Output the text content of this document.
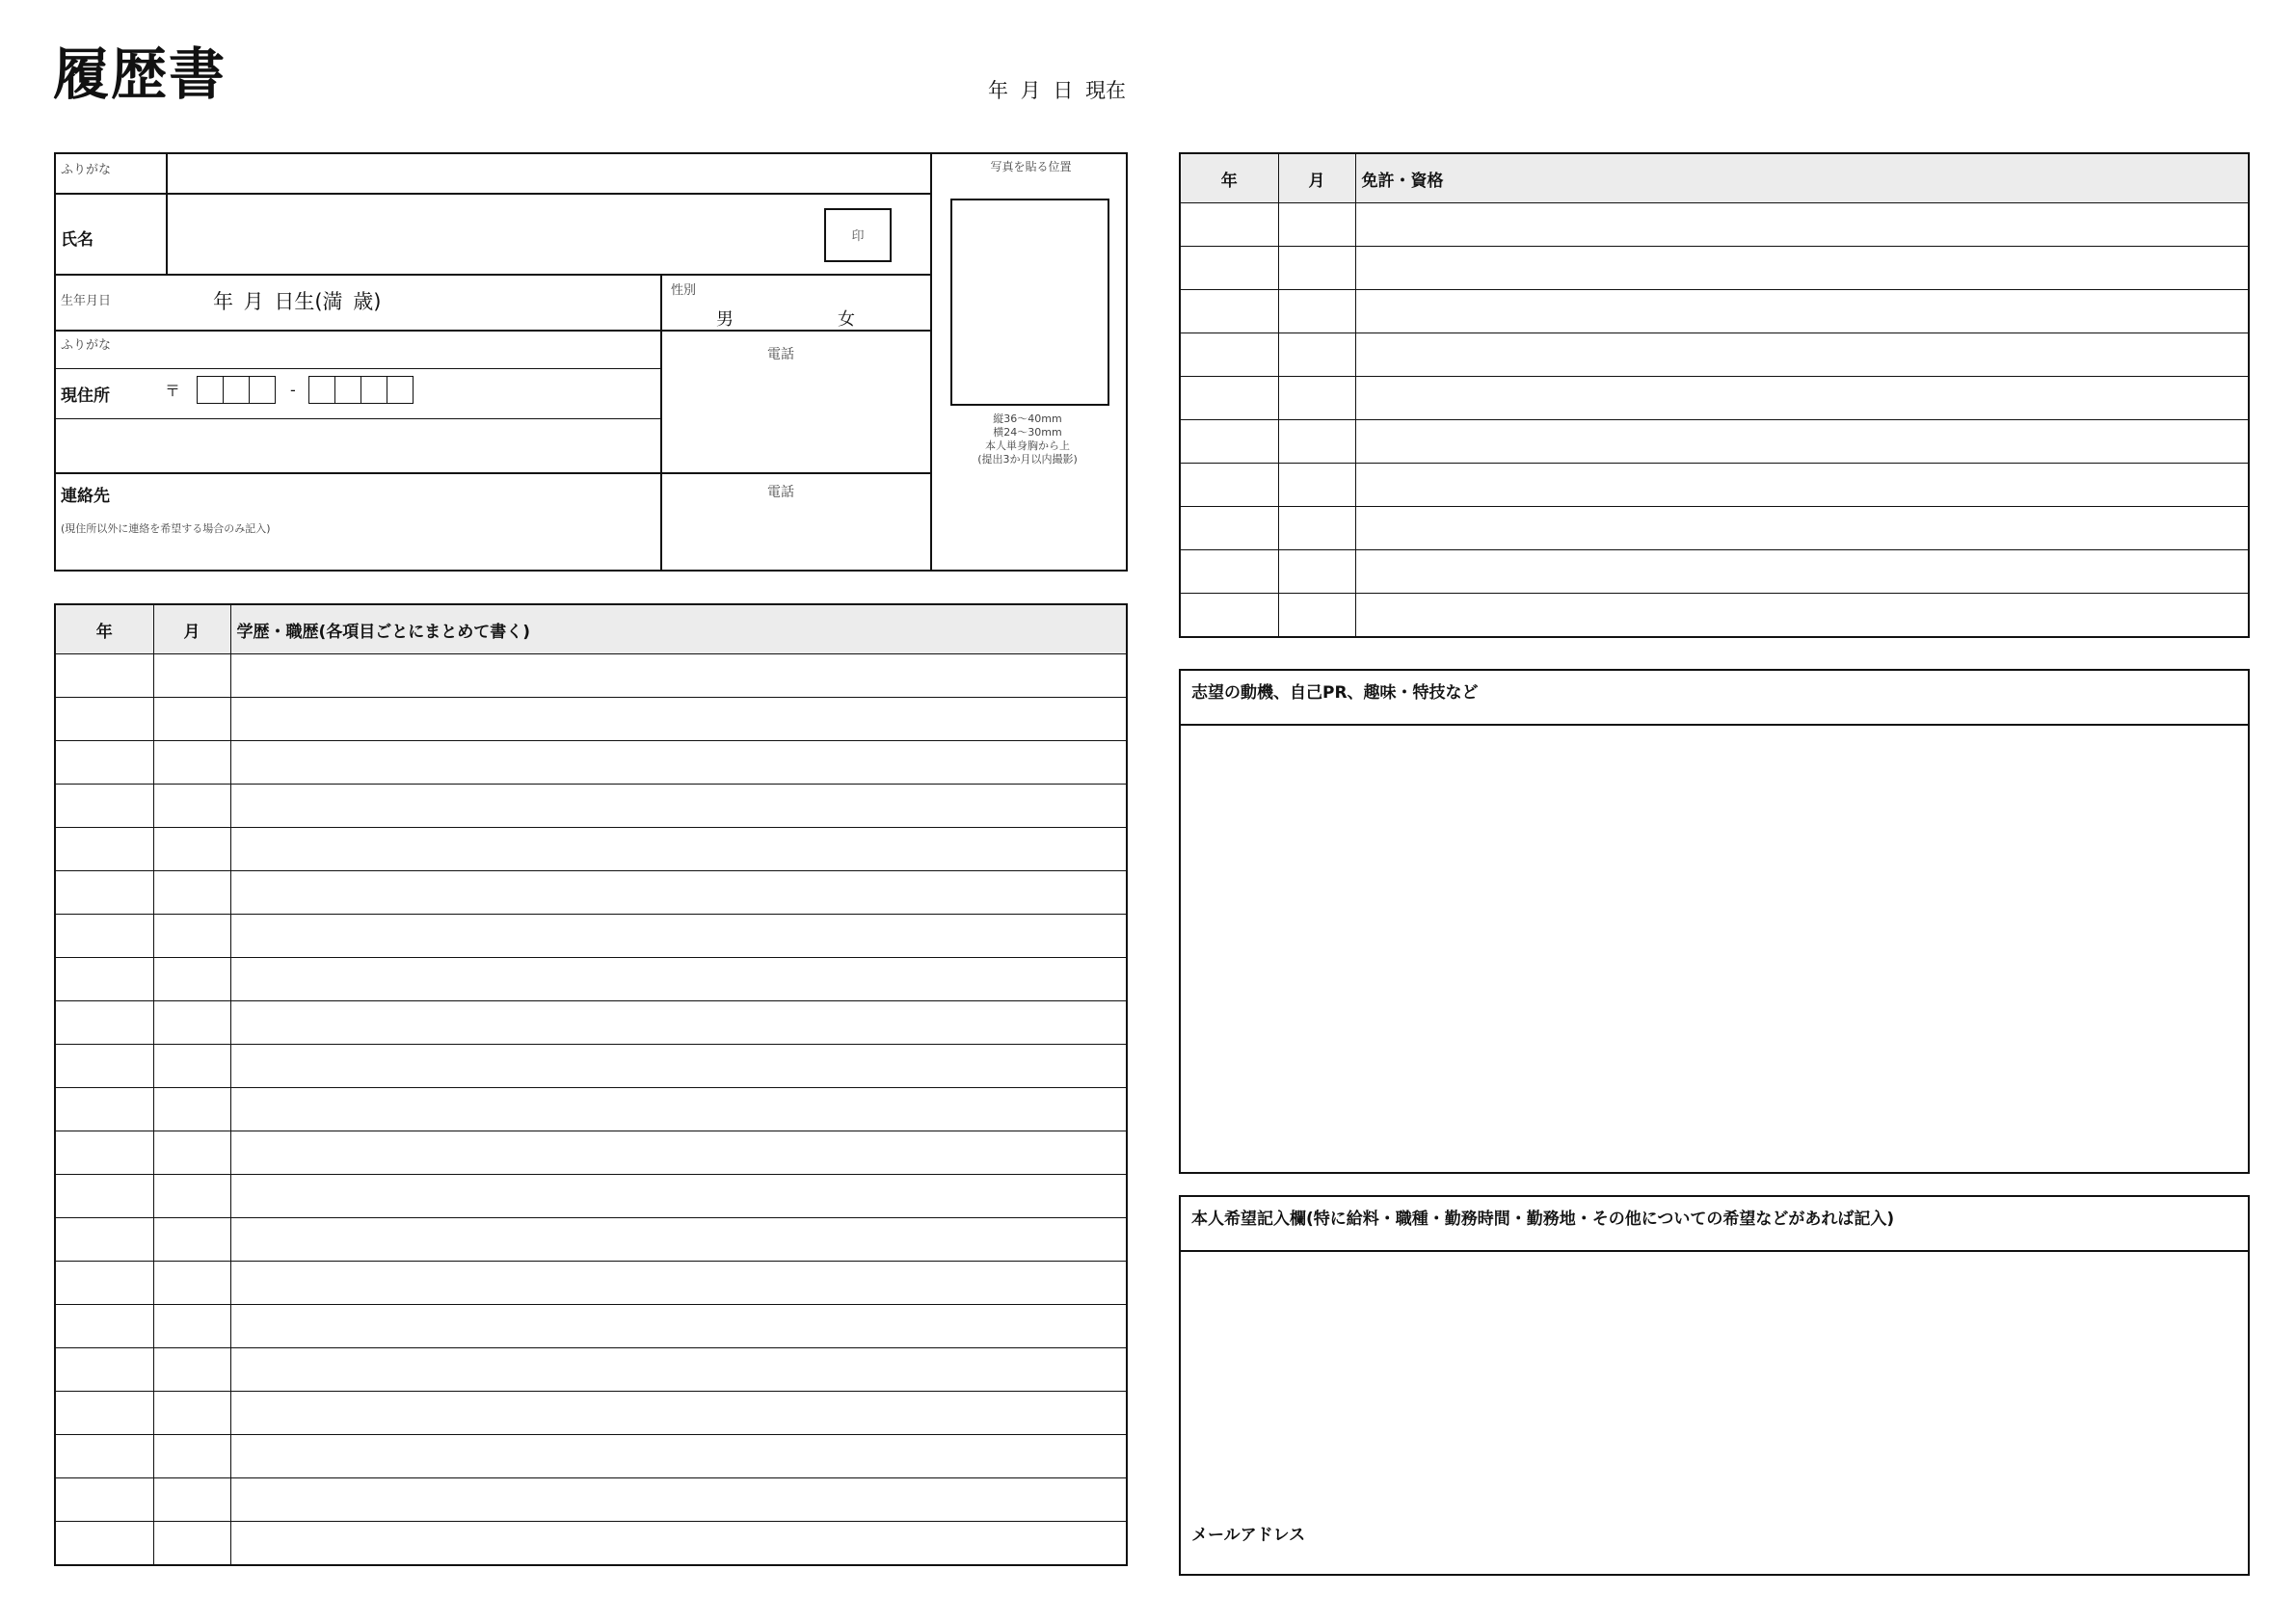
履歴書	年 月 日 現在
ふりがな
氏名	印
生年月日	年 月 日生(満 歳)	性別
男	女
ふりがな
現住所	〒	-
電話
連絡先
(現住所以外に連絡を希望する場合のみ記入)
電話
写真を貼る位置
縦36～40mm
横24～30mm
本人単身胸から上
(提出3か月以内撮影)
年	月	学歴・職歴(各項目ごとにまとめて書く)

年	月	免許・資格

志望の動機、自己PR、趣味・特技など
本人希望記入欄(特に給料・職種・勤務時間・勤務地・その他についての希望などがあれば記入)
メールアドレス
